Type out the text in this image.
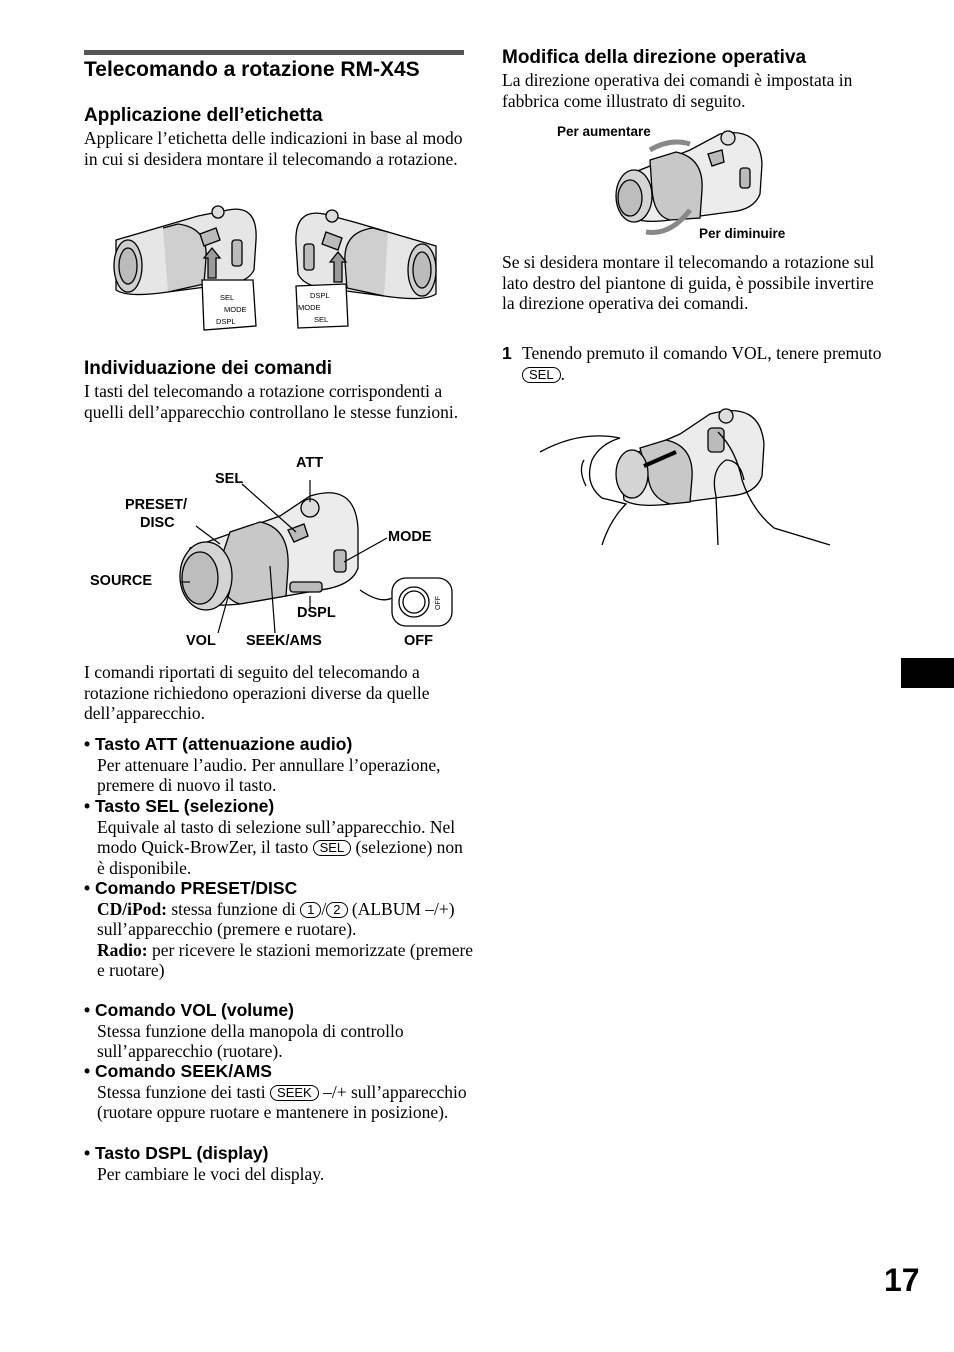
Telecomando a rotazione RM-X4S
Applicazione dell’etichetta

Applicare l’etichetta delle indicazioni in base al modo in cui si desidera montare il telecomando a rotazione.

SEL
MODE
DSPL
DSPL
MODE
SEL
Individuazione dei comandi

I tasti del telecomando a rotazione corrispondenti a quelli dell’apparecchio controllano le stesse funzioni.

OFF
ATT
SEL
PRESET/
DISC
MODE
SOURCE
DSPL
VOL SEEK/AMS	OFF

I comandi riportati di seguito del telecomando a rotazione richiedono operazioni diverse da quelle dell’apparecchio.

• Tasto ATT (attenuazione audio)
Per attenuare l’audio. Per annullare l’operazione, premere di nuovo il tasto.
• Tasto SEL (selezione)
Equivale al tasto di selezione sull’apparecchio. Nel modo Quick-BrowZer, il tasto SEL (selezione) non è disponibile.
• Comando PRESET/DISC
CD/iPod: stessa funzione di 1 / 2 (ALBUM –/+) sull’apparecchio (premere e ruotare).
Radio: per ricevere le stazioni memorizzate (premere e ruotare)
• Comando VOL (volume)
Stessa funzione della manopola di controllo sull’apparecchio (ruotare).
• Comando SEEK/AMS
Stessa funzione dei tasti SEEK –/+ sull’apparecchio (ruotare oppure ruotare e mantenere in posizione).
• Tasto DSPL (display)
Per cambiare le voci del display.
Modifica della direzione operativa

La direzione operativa dei comandi è impostata in fabbrica come illustrato di seguito.

Per aumentare
Per diminuire

Se si desidera montare il telecomando a rotazione sul lato destro del piantone di guida, è possibile invertire la direzione operativa dei comandi.

1 Tenendo premuto il comando VOL, tenere premuto SEL .
17
